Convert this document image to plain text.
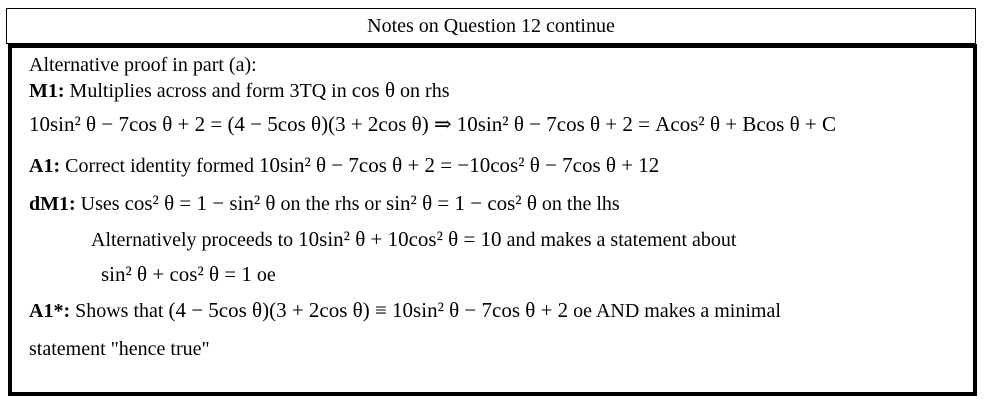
Notes on Question 12 continue
Alternative proof in part (a):
M1: Multiplies across and form 3TQ in cos θ on rhs
10sin² θ − 7cos θ + 2 = (4 − 5cos θ)(3 + 2cos θ) ⇒ 10sin² θ − 7cos θ + 2 = Acos² θ + Bcos θ + C
A1: Correct identity formed 10sin² θ − 7cos θ + 2 = −10cos² θ − 7cos θ + 12
dM1: Uses cos² θ = 1 − sin² θ on the rhs or sin² θ = 1 − cos² θ on the lhs
Alternatively proceeds to 10sin² θ + 10cos² θ = 10 and makes a statement about
sin² θ + cos² θ = 1 oe
A1*: Shows that (4 − 5cos θ)(3 + 2cos θ) ≡ 10sin² θ − 7cos θ + 2 oe AND makes a minimal
statement "hence true"
